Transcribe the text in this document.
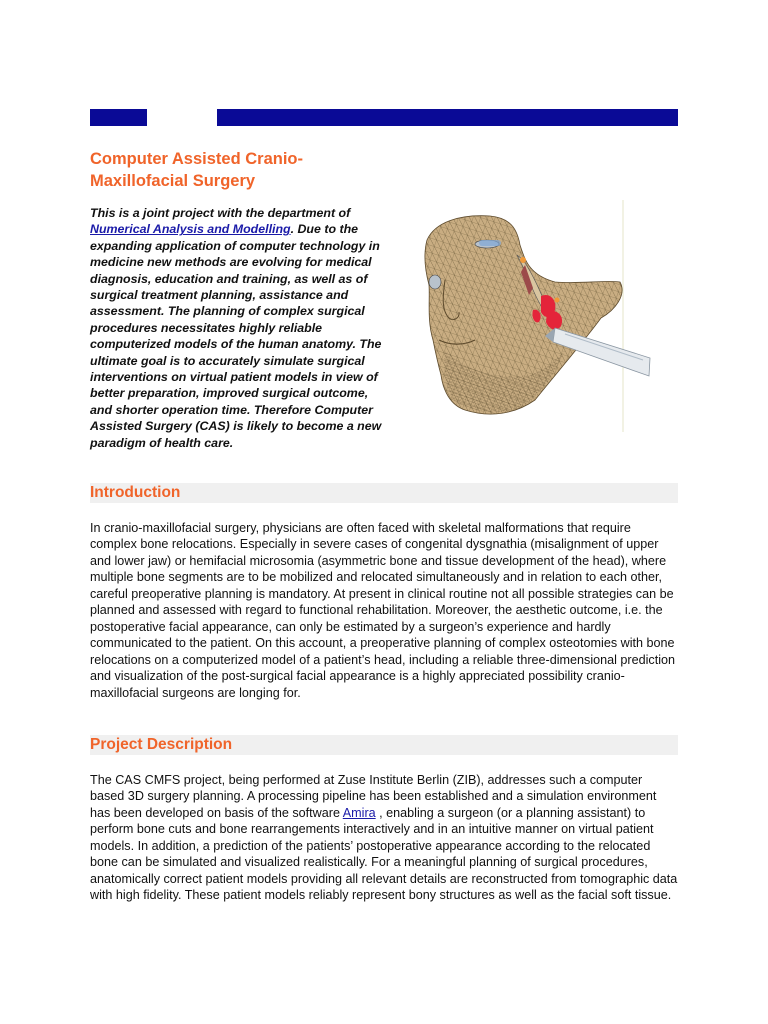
Computer Assisted Cranio-Maxillofacial Surgery
This is a joint project with the department of Numerical Analysis and Modelling. Due to the expanding application of computer technology in medicine new methods are evolving for medical diagnosis, education and training, as well as of surgical treatment planning, assistance and assessment. The planning of complex surgical procedures necessitates highly reliable computerized models of the human anatomy. The ultimate goal is to accurately simulate surgical interventions on virtual patient models in view of better preparation, improved surgical outcome, and shorter operation time. Therefore Computer Assisted Surgery (CAS) is likely to become a new paradigm of health care.
Introduction
In cranio-maxillofacial surgery, physicians are often faced with skeletal malformations that require complex bone relocations. Especially in severe cases of congenital dysgnathia (misalignment of upper and lower jaw) or hemifacial microsomia (asymmetric bone and tissue development of the head), where multiple bone segments are to be mobilized and relocated simultaneously and in relation to each other, careful preoperative planning is mandatory. At present in clinical routine not all possible strategies can be planned and assessed with regard to functional rehabilitation. Moreover, the aesthetic outcome, i.e. the postoperative facial appearance, can only be estimated by a surgeon’s experience and hardly communicated to the patient. On this account, a preoperative planning of complex osteotomies with bone relocations on a computerized model of a patient’s head, including a reliable three-dimensional prediction and visualization of the post-surgical facial appearance is a highly appreciated possibility cranio-maxillofacial surgeons are longing for.
Project Description
The CAS CMFS project, being performed at Zuse Institute Berlin (ZIB), addresses such a computer based 3D surgery planning. A processing pipeline has been established and a simulation environment has been developed on basis of the software Amira , enabling a surgeon (or a planning assistant) to perform bone cuts and bone rearrangements interactively and in an intuitive manner on virtual patient models. In addition, a prediction of the patients’ postoperative appearance according to the relocated bone can be simulated and visualized realistically. For a meaningful planning of surgical procedures, anatomically correct patient models providing all relevant details are reconstructed from tomographic data with high fidelity. These patient models reliably represent bony structures as well as the facial soft tissue.
